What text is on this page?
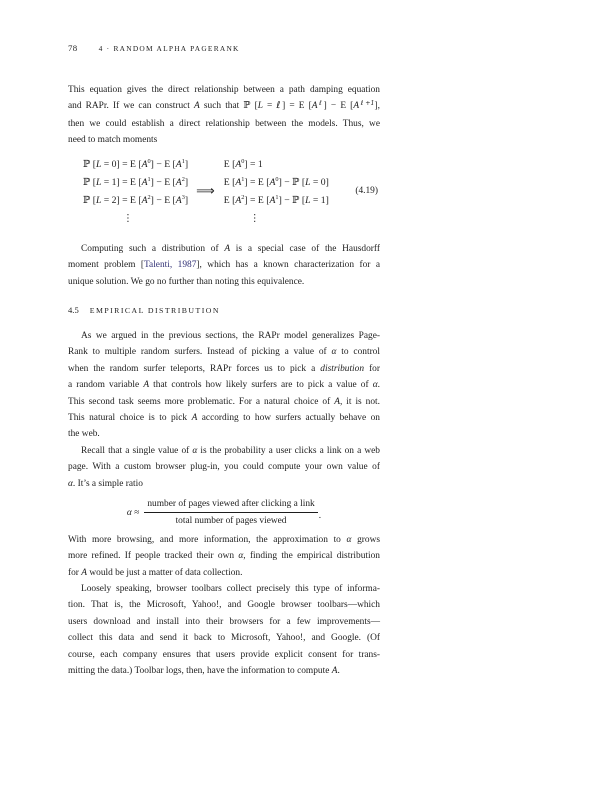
78	4 · RANDOM ALPHA PAGERANK
This equation gives the direct relationship between a path damping equation
and RAPr. If we can construct A such that ℙ [L = ℓ] = E $[A^\ell] - E$ $[A^{\ell+1}]$,
then we could establish a direct relationship between the models. Thus, we
need to match moments
ℙ [L = 0] = E $[A^0] - E$ $[A^1]$
ℙ [L = 1] = E $[A^1] - E$ $[A^2]$
ℙ [L = 2] = E $[A^2] - E$ $[A^3]$
⋮
⟹
E $[A^0] = 1$
E $[A^1] = E$ $[A^0]$ − ℙ [L = 0]
E $[A^2] = E$ $[A^1]$ − ℙ [L = 1]
⋮
(4.19)
Computing such a distribution of A is a special case of the Hausdorff
moment problem [Talenti, 1987], which has a known characterization for a
unique solution. We go no further than noting this equivalence.
4.5 EMPIRICAL DISTRIBUTION
As we argued in the previous sections, the RAPr model generalizes Page-
Rank to multiple random surfers. Instead of picking a value of α to control
when the random surfer teleports, RAPr forces us to pick a distribution for
a random variable A that controls how likely surfers are to pick a value of α.
This second task seems more problematic. For a natural choice of A, it is not.
This natural choice is to pick A according to how surfers actually behave on
the web.
Recall that a single value of α is the probability a user clicks a link on a web
page. With a custom browser plug-in, you could compute your own value of
α. It’s a simple ratio
$\alpha \approx \frac{\text{number of pages viewed after clicking a link}}{\text{total number of pages viewed}}$ .
With more browsing, and more information, the approximation to α grows
more refined. If people tracked their own α, finding the empirical distribution
for A would be just a matter of data collection.
Loosely speaking, browser toolbars collect precisely this type of informa-
tion. That is, the Microsoft, Yahoo!, and Google browser toolbars—which
users download and install into their browsers for a few improvements—
collect this data and send it back to Microsoft, Yahoo!, and Google. (Of
course, each company ensures that users provide explicit consent for trans-
mitting the data.) Toolbar logs, then, have the information to compute A.
